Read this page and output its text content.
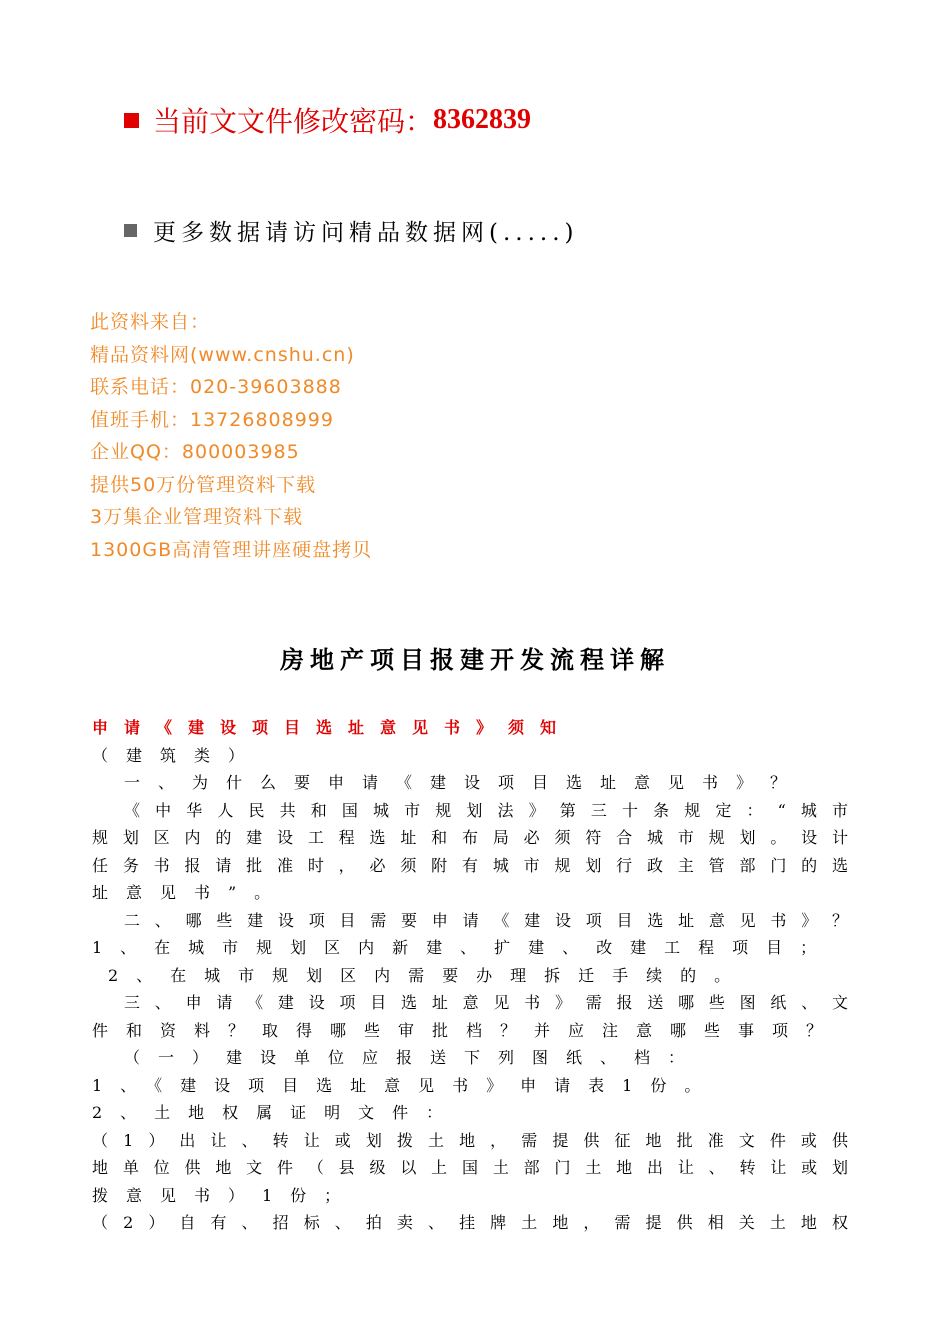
当前文文件修改密码： 8362839
更多数据请访问精品数据网(.....)
此资料来自：
精品资料网(www.cnshu.cn)
联系电话：020-39603888
值班手机：13726808999
企业QQ：800003985
提供50万份管理资料下载
3万集企业管理资料下载
1300GB高清管理讲座硬盘拷贝
房地产项目报建开发流程详解
申请《建设项目选址意见书》须知
（建筑类）
一、为什么要申请《建设项目选址意见书》？
《中华人民共和国城市规划法》第三十条规定：“城市
规划区内的建设工程选址和布局必须符合城市规划。设计
任务书报请批准时，必须附有城市规划行政主管部门的选
址意见书”。
二、哪些建设项目需要申请《建设项目选址意见书》？
1、在城市规划区内新建、扩建、改建工程项目；
2、在城市规划区内需要办理拆迁手续的。
三、申请《建设项目选址意见书》需报送哪些图纸、文
件和资料？取得哪些审批档？并应注意哪些事项？
（一）建设单位应报送下列图纸、档：
1、《建设项目选址意见书》申请表1份。
2、土地权属证明文件：
（1）出让、转让或划拨土地，需提供征地批准文件或供
地单位供地文件（县级以上国土部门土地出让、转让或划
拨意见书）1份；
（2）自有、招标、拍卖、挂牌土地，需提供相关土地权
